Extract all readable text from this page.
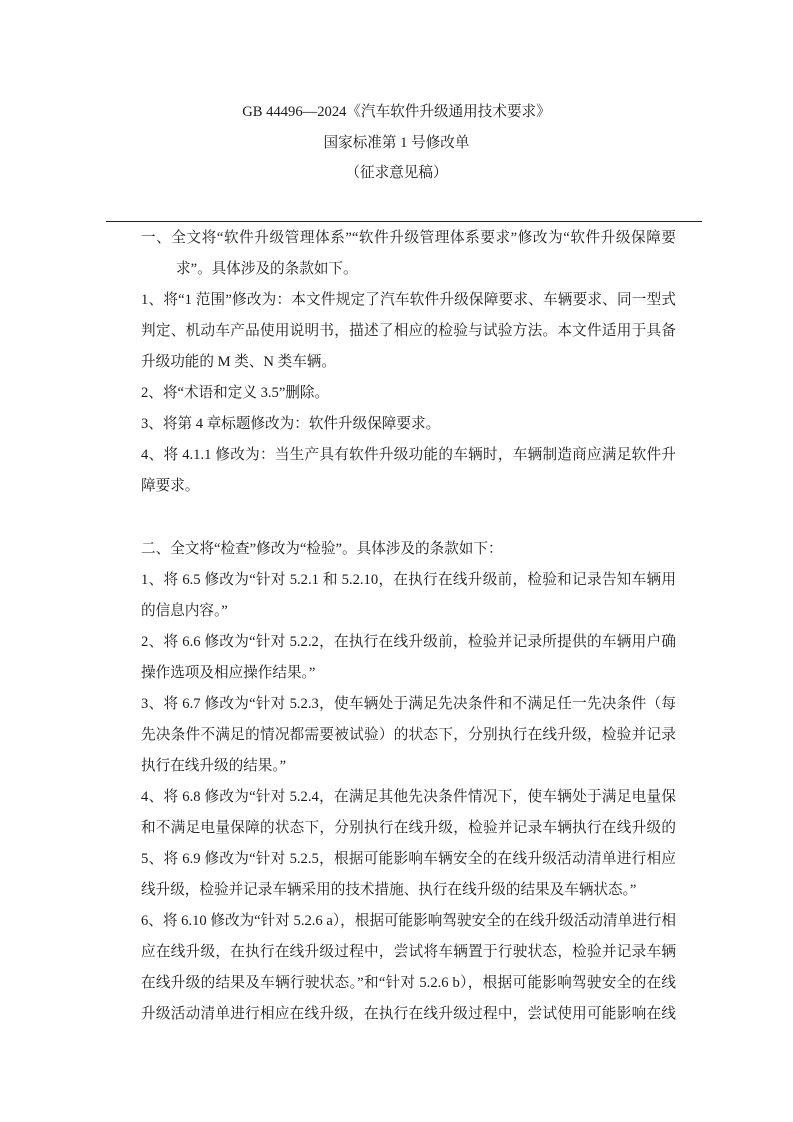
GB 44496—2024《汽车软件升级通用技术要求》
国家标准第 1 号修改单
（征求意见稿）
一、全文将“软件升级管理体系”“软件升级管理体系要求”修改为“软件升级保障要
求”。具体涉及的条款如下。
1、将“1 范围”修改为：本文件规定了汽车软件升级保障要求、车辆要求、同一型式
判定、机动车产品使用说明书，描述了相应的检验与试验方法。本文件适用于具备
升级功能的 M 类、N 类车辆。
2、将“术语和定义 3.5”删除。
3、将第 4 章标题修改为：软件升级保障要求。
4、将 4.1.1 修改为：当生产具有软件升级功能的车辆时，车辆制造商应满足软件升
障要求。
二、全文将“检查”修改为“检验”。具体涉及的条款如下：
1、将 6.5 修改为“针对 5.2.1 和 5.2.10，在执行在线升级前，检验和记录告知车辆用
的信息内容。”
2、将 6.6 修改为“针对 5.2.2，在执行在线升级前，检验并记录所提供的车辆用户确
操作选项及相应操作结果。”
3、将 6.7 修改为“针对 5.2.3，使车辆处于满足先决条件和不满足任一先决条件（每
先决条件不满足的情况都需要被试验）的状态下，分别执行在线升级，检验并记录
执行在线升级的结果。”
4、将 6.8 修改为“针对 5.2.4，在满足其他先决条件情况下，使车辆处于满足电量保
和不满足电量保障的状态下，分别执行在线升级，检验并记录车辆执行在线升级的
5、将 6.9 修改为“针对 5.2.5，根据可能影响车辆安全的在线升级活动清单进行相应
线升级，检验并记录车辆采用的技术措施、执行在线升级的结果及车辆状态。”
6、将 6.10 修改为“针对 5.2.6 a），根据可能影响驾驶安全的在线升级活动清单进行相
应在线升级，在执行在线升级过程中，尝试将车辆置于行驶状态，检验并记录车辆
在线升级的结果及车辆行驶状态。”和“针对 5.2.6 b），根据可能影响驾驶安全的在线
升级活动清单进行相应在线升级，在执行在线升级过程中，尝试使用可能影响在线
